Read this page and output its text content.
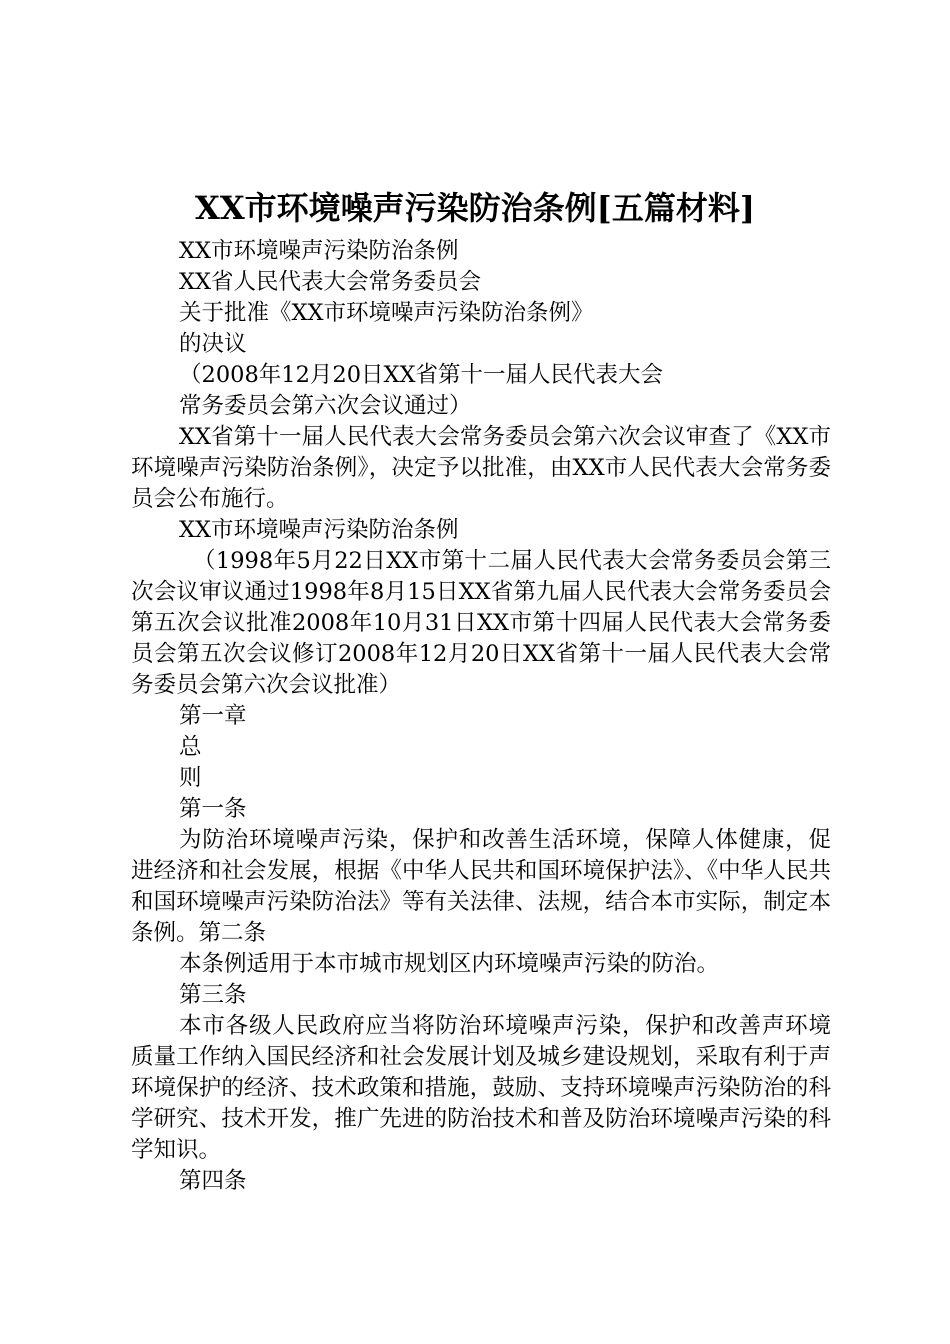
XX市环境噪声污染防治条例[五篇材料]

XX市环境噪声污染防治条例

XX省人民代表大会常务委员会

关于批准《XX市环境噪声污染防治条例》

的决议

（2008年12月20日XX省第十一届人民代表大会

常务委员会第六次会议通过）

XX省第十一届人民代表大会常务委员会第六次会议审查了《XX市环境噪声污染防治条例》，决定予以批准，由XX市人民代表大会常务委员会公布施行。

XX市环境噪声污染防治条例

（1998年5月22日XX市第十二届人民代表大会常务委员会第三次会议审议通过1998年8月15日XX省第九届人民代表大会常务委员会第五次会议批准2008年10月31日XX市第十四届人民代表大会常务委员会第五次会议修订2008年12月20日XX省第十一届人民代表大会常务委员会第六次会议批准）

第一章

总

则

第一条

为防治环境噪声污染，保护和改善生活环境，保障人体健康，促进经济和社会发展，根据《中华人民共和国环境保护法》、《中华人民共和国环境噪声污染防治法》等有关法律、法规，结合本市实际，制定本条例。第二条

本条例适用于本市城市规划区内环境噪声污染的防治。

第三条

本市各级人民政府应当将防治环境噪声污染，保护和改善声环境质量工作纳入国民经济和社会发展计划及城乡建设规划，采取有利于声环境保护的经济、技术政策和措施，鼓励、支持环境噪声污染防治的科学研究、技术开发，推广先进的防治技术和普及防治环境噪声污染的科学知识。

第四条
